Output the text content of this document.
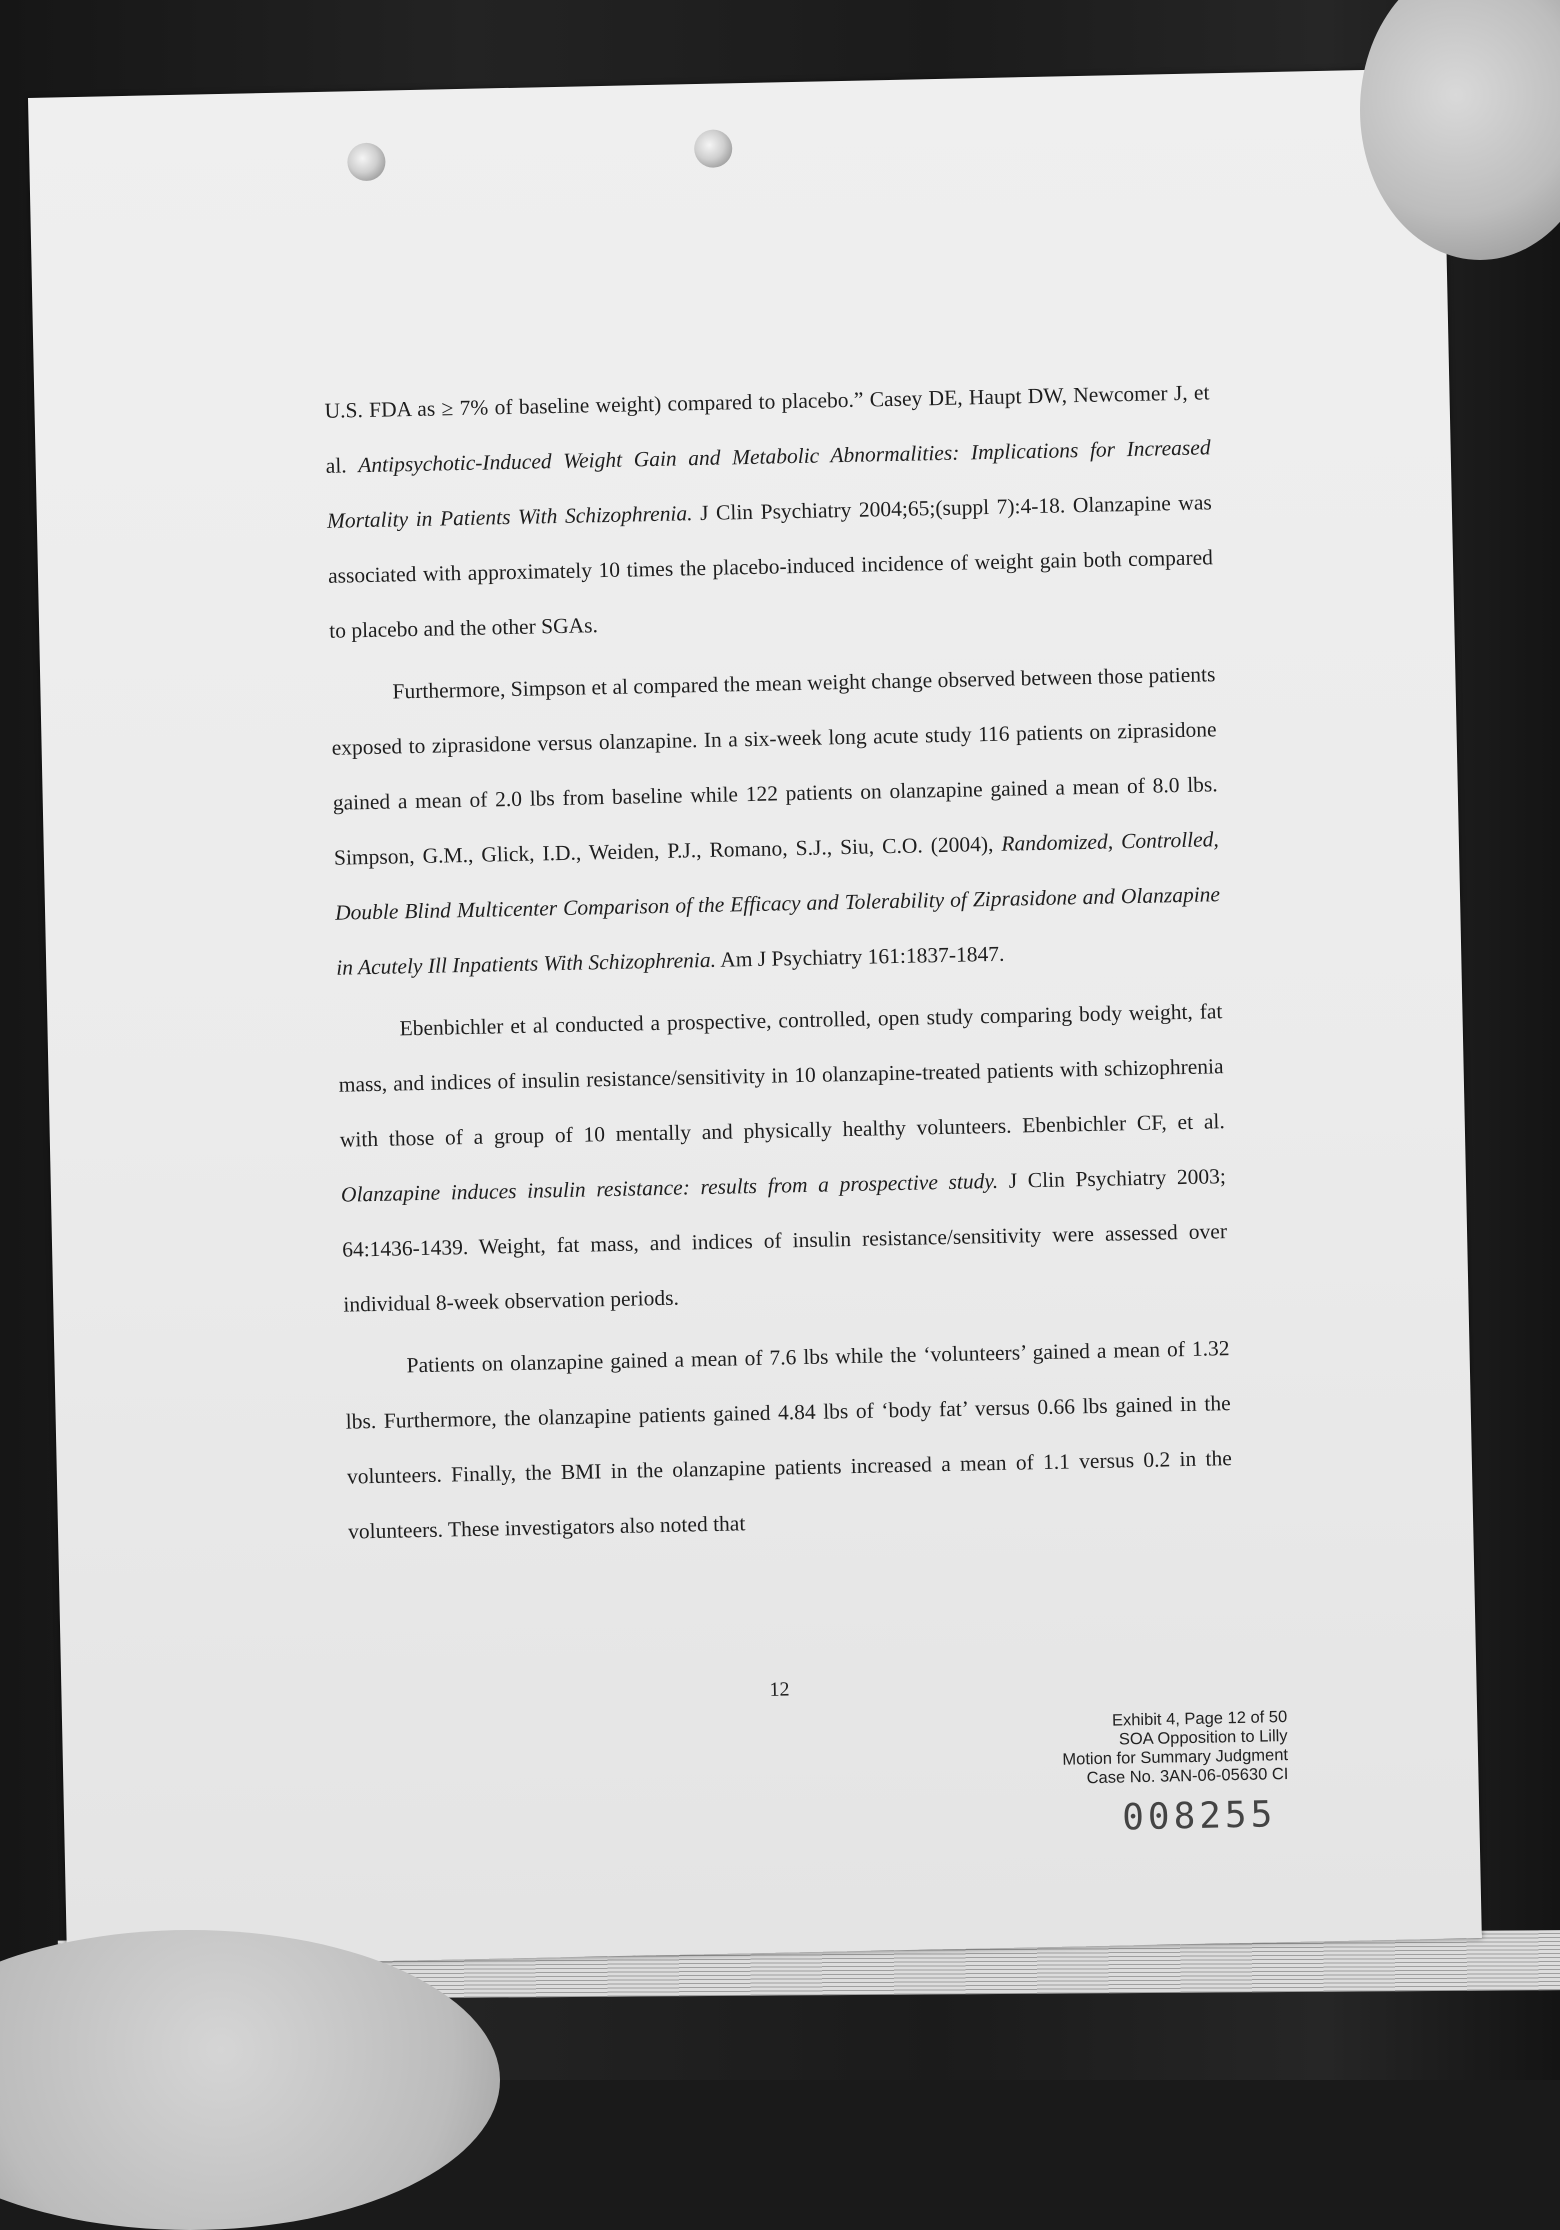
U.S. FDA as ≥ 7% of baseline weight) compared to placebo.” Casey DE, Haupt DW, Newcomer J, et al. Antipsychotic-Induced Weight Gain and Metabolic Abnormalities: Implications for Increased Mortality in Patients With Schizophrenia. J Clin Psychiatry 2004;65;(suppl 7):4-18. Olanzapine was associated with approximately 10 times the placebo-induced incidence of weight gain both compared to placebo and the other SGAs.

Furthermore, Simpson et al compared the mean weight change observed between those patients exposed to ziprasidone versus olanzapine. In a six-week long acute study 116 patients on ziprasidone gained a mean of 2.0 lbs from baseline while 122 patients on olanzapine gained a mean of 8.0 lbs. Simpson, G.M., Glick, I.D., Weiden, P.J., Romano, S.J., Siu, C.O. (2004), Randomized, Controlled, Double Blind Multicenter Comparison of the Efficacy and Tolerability of Ziprasidone and Olanzapine in Acutely Ill Inpatients With Schizophrenia. Am J Psychiatry 161:1837-1847.

Ebenbichler et al conducted a prospective, controlled, open study comparing body weight, fat mass, and indices of insulin resistance/sensitivity in 10 olanzapine-treated patients with schizophrenia with those of a group of 10 mentally and physically healthy volunteers. Ebenbichler CF, et al. Olanzapine induces insulin resistance: results from a prospective study. J Clin Psychiatry 2003; 64:1436-1439. Weight, fat mass, and indices of insulin resistance/sensitivity were assessed over individual 8-week observation periods.

Patients on olanzapine gained a mean of 7.6 lbs while the ‘volunteers’ gained a mean of 1.32 lbs. Furthermore, the olanzapine patients gained 4.84 lbs of ‘body fat’ versus 0.66 lbs gained in the volunteers. Finally, the BMI in the olanzapine patients increased a mean of 1.1 versus 0.2 in the volunteers. These investigators also noted that

12
Exhibit 4, Page 12 of 50
SOA Opposition to Lilly
Motion for Summary Judgment
Case No. 3AN-06-05630 CI
008255
